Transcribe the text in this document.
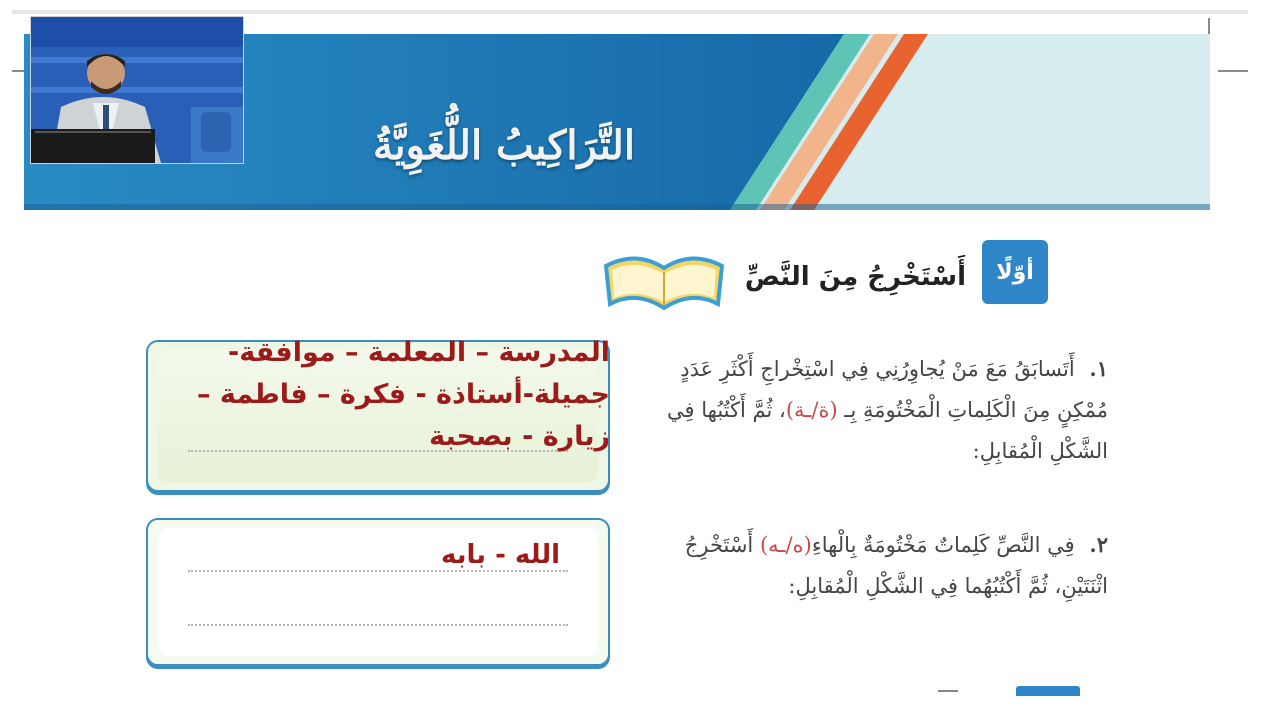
التَّرَاكِيبُ اللُّغَوِيَّةُ
أوّلًا
أَسْتَخْرِجُ مِنَ النَّصِّ
١. أَتَسابَقُ مَعَ مَنْ يُجاوِرُنِي فِي اسْتِخْراجِ أَكْثَرِ عَدَدٍ مُمْكِنٍ مِنَ الْكَلِماتِ الْمَخْتُومَةِ بِـ (ة/ـة)، ثُمَّ أَكْتُبُها فِي الشَّكْلِ الْمُقابِلِ:
٢. فِي النَّصِّ كَلِماتٌ مَخْتُومَةٌ بِالْهاءِ(ه/ـه) أَسْتَخْرِجُ اثْنَتَيْنِ، ثُمَّ أَكْتُبُهُما فِي الشَّكْلِ الْمُقابِلِ:
المدرسة – المعلمة – موافقة- جميلة-أستاذة - فكرة – فاطمة – زيارة - بصحبة
الله - بابه
